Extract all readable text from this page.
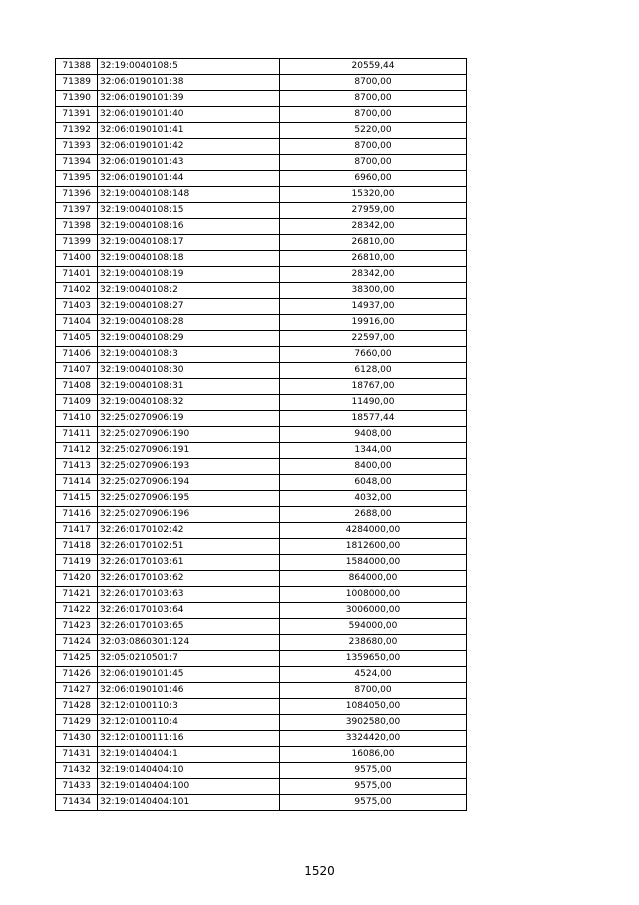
71388	32:19:0040108:5	20559,44
71389	32:06:0190101:38	8700,00
71390	32:06:0190101:39	8700,00
71391	32:06:0190101:40	8700,00
71392	32:06:0190101:41	5220,00
71393	32:06:0190101:42	8700,00
71394	32:06:0190101:43	8700,00
71395	32:06:0190101:44	6960,00
71396	32:19:0040108:148	15320,00
71397	32:19:0040108:15	27959,00
71398	32:19:0040108:16	28342,00
71399	32:19:0040108:17	26810,00
71400	32:19:0040108:18	26810,00
71401	32:19:0040108:19	28342,00
71402	32:19:0040108:2	38300,00
71403	32:19:0040108:27	14937,00
71404	32:19:0040108:28	19916,00
71405	32:19:0040108:29	22597,00
71406	32:19:0040108:3	7660,00
71407	32:19:0040108:30	6128,00
71408	32:19:0040108:31	18767,00
71409	32:19:0040108:32	11490,00
71410	32:25:0270906:19	18577,44
71411	32:25:0270906:190	9408,00
71412	32:25:0270906:191	1344,00
71413	32:25:0270906:193	8400,00
71414	32:25:0270906:194	6048,00
71415	32:25:0270906:195	4032,00
71416	32:25:0270906:196	2688,00
71417	32:26:0170102:42	4284000,00
71418	32:26:0170102:51	1812600,00
71419	32:26:0170103:61	1584000,00
71420	32:26:0170103:62	864000,00
71421	32:26:0170103:63	1008000,00
71422	32:26:0170103:64	3006000,00
71423	32:26:0170103:65	594000,00
71424	32:03:0860301:124	238680,00
71425	32:05:0210501:7	1359650,00
71426	32:06:0190101:45	4524,00
71427	32:06:0190101:46	8700,00
71428	32:12:0100110:3	1084050,00
71429	32:12:0100110:4	3902580,00
71430	32:12:0100111:16	3324420,00
71431	32:19:0140404:1	16086,00
71432	32:19:0140404:10	9575,00
71433	32:19:0140404:100	9575,00
71434	32:19:0140404:101	9575,00
1520
